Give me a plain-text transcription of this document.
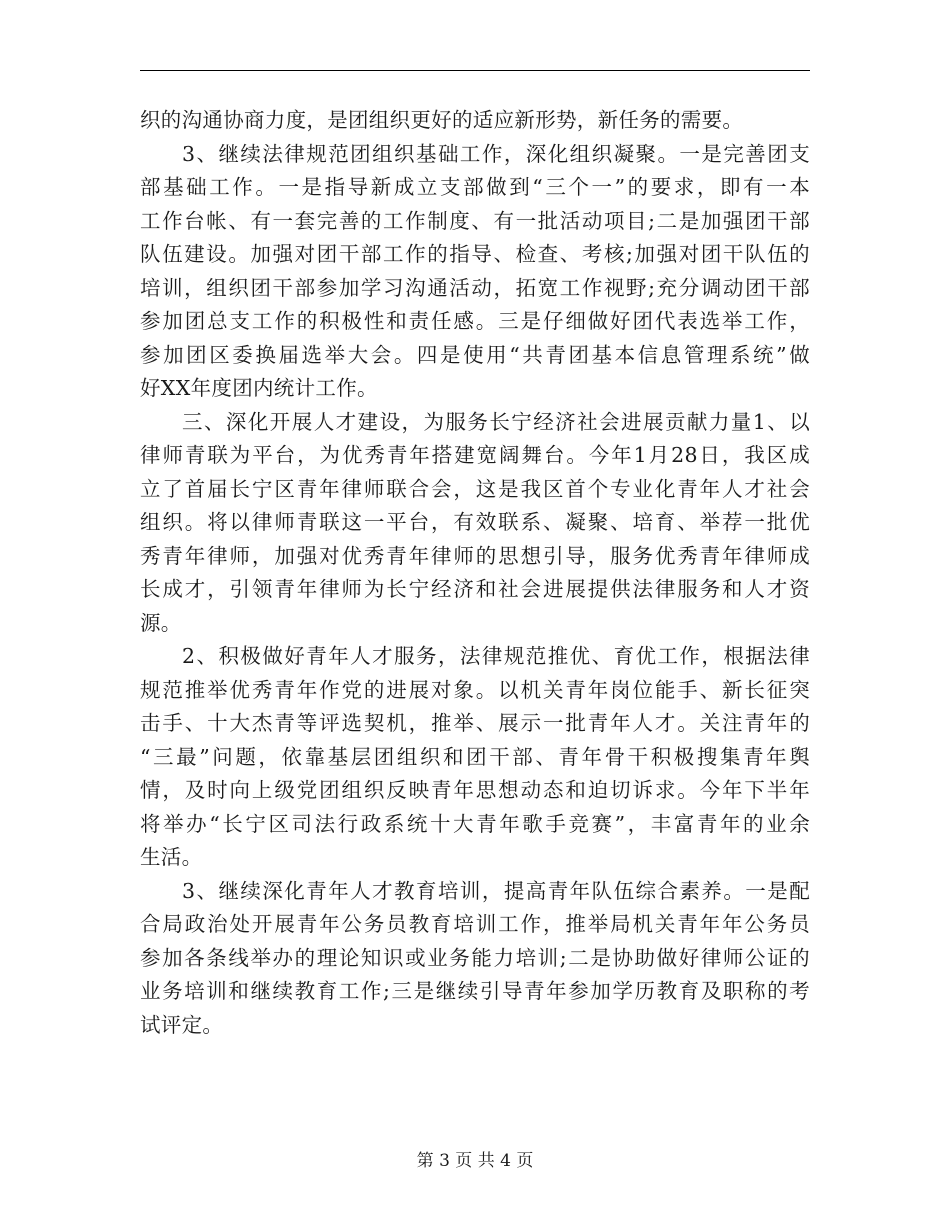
织的沟通协商力度，是团组织更好的适应新形势，新任务的需要。
3、继续法律规范团组织基础工作，深化组织凝聚。一是完善团支
部基础工作。一是指导新成立支部做到“三个一”的要求，即有一本
工作台帐、有一套完善的工作制度、有一批活动项目;二是加强团干部
队伍建设。加强对团干部工作的指导、检查、考核;加强对团干队伍的
培训，组织团干部参加学习沟通活动，拓宽工作视野;充分调动团干部
参加团总支工作的积极性和责任感。三是仔细做好团代表选举工作，
参加团区委换届选举大会。四是使用“共青团基本信息管理系统”做
好XX年度团内统计工作。
三、深化开展人才建设，为服务长宁经济社会进展贡献力量1、以
律师青联为平台，为优秀青年搭建宽阔舞台。今年1月28日，我区成
立了首届长宁区青年律师联合会，这是我区首个专业化青年人才社会
组织。将以律师青联这一平台，有效联系、凝聚、培育、举荐一批优
秀青年律师，加强对优秀青年律师的思想引导，服务优秀青年律师成
长成才，引领青年律师为长宁经济和社会进展提供法律服务和人才资
源。
2、积极做好青年人才服务，法律规范推优、育优工作，根据法律
规范推举优秀青年作党的进展对象。以机关青年岗位能手、新长征突
击手、十大杰青等评选契机，推举、展示一批青年人才。关注青年的
“三最”问题，依靠基层团组织和团干部、青年骨干积极搜集青年舆
情，及时向上级党团组织反映青年思想动态和迫切诉求。今年下半年
将举办“长宁区司法行政系统十大青年歌手竞赛”，丰富青年的业余
生活。
3、继续深化青年人才教育培训，提高青年队伍综合素养。一是配
合局政治处开展青年公务员教育培训工作，推举局机关青年年公务员
参加各条线举办的理论知识或业务能力培训;二是协助做好律师公证的
业务培训和继续教育工作;三是继续引导青年参加学历教育及职称的考
试评定。
第 3 页 共 4 页
